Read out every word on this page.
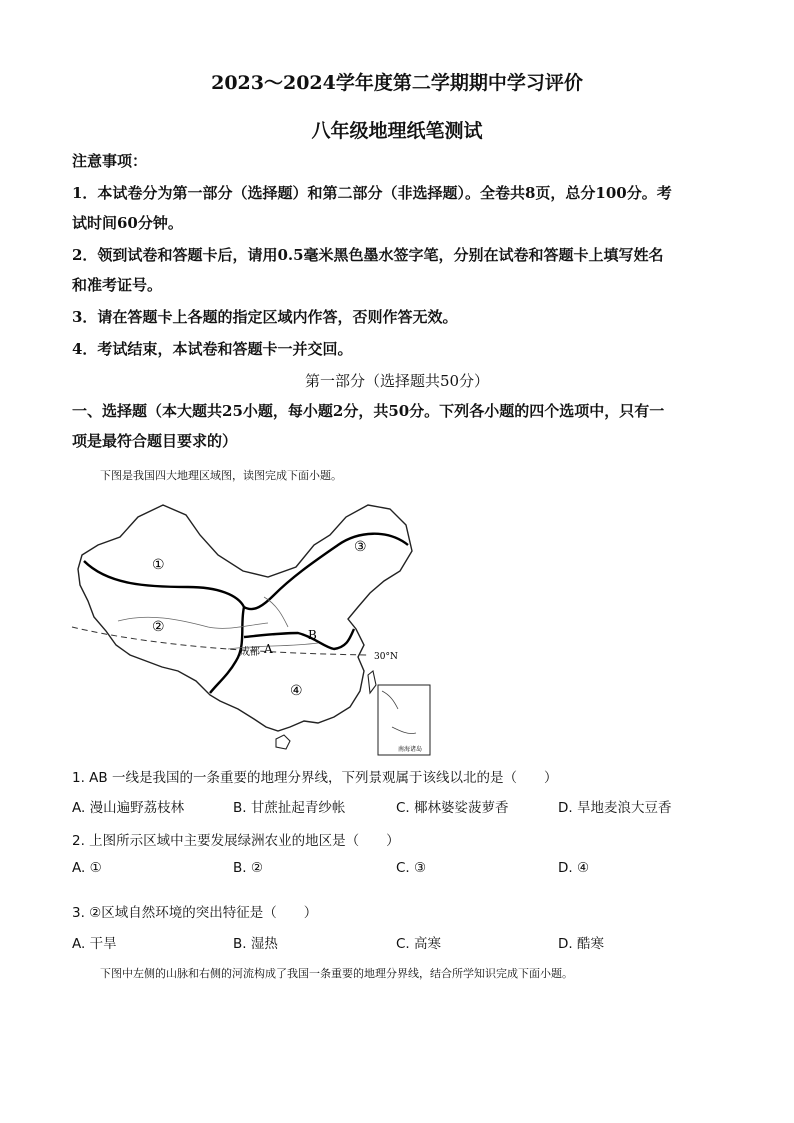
2023～2024学年度第二学期期中学习评价
八年级地理纸笔测试
注意事项：
1．本试卷分为第一部分（选择题）和第二部分（非选择题）。全卷共8页，总分100分。考
试时间60分钟。
2．领到试卷和答题卡后，请用0.5毫米黑色墨水签字笔，分别在试卷和答题卡上填写姓名
和准考证号。
3．请在答题卡上各题的指定区域内作答，否则作答无效。
4．考试结束，本试卷和答题卡一并交回。
第一部分（选择题共50分）
一、选择题（本大题共25小题，每小题2分，共50分。下列各小题的四个选项中，只有一
项是最符合题目要求的）
下图是我国四大地理区域图，读图完成下面小题。
①
②
③
④
A
B
成都	30°N
南海诸岛
1. AB 一线是我国的一条重要的地理分界线，下列景观属于该线以北的是（　　）
A. 漫山遍野荔枝林	B. 甘蔗扯起青纱帐	C. 椰林婆娑菠萝香	D. 旱地麦浪大豆香
2. 上图所示区域中主要发展绿洲农业的地区是（　　）
A. ①	B. ②	C. ③	D. ④
3. ②区域自然环境的突出特征是（　　）
A. 干旱	B. 湿热	C. 高寒	D. 酷寒
下图中左侧的山脉和右侧的河流构成了我国一条重要的地理分界线，结合所学知识完成下面小题。
